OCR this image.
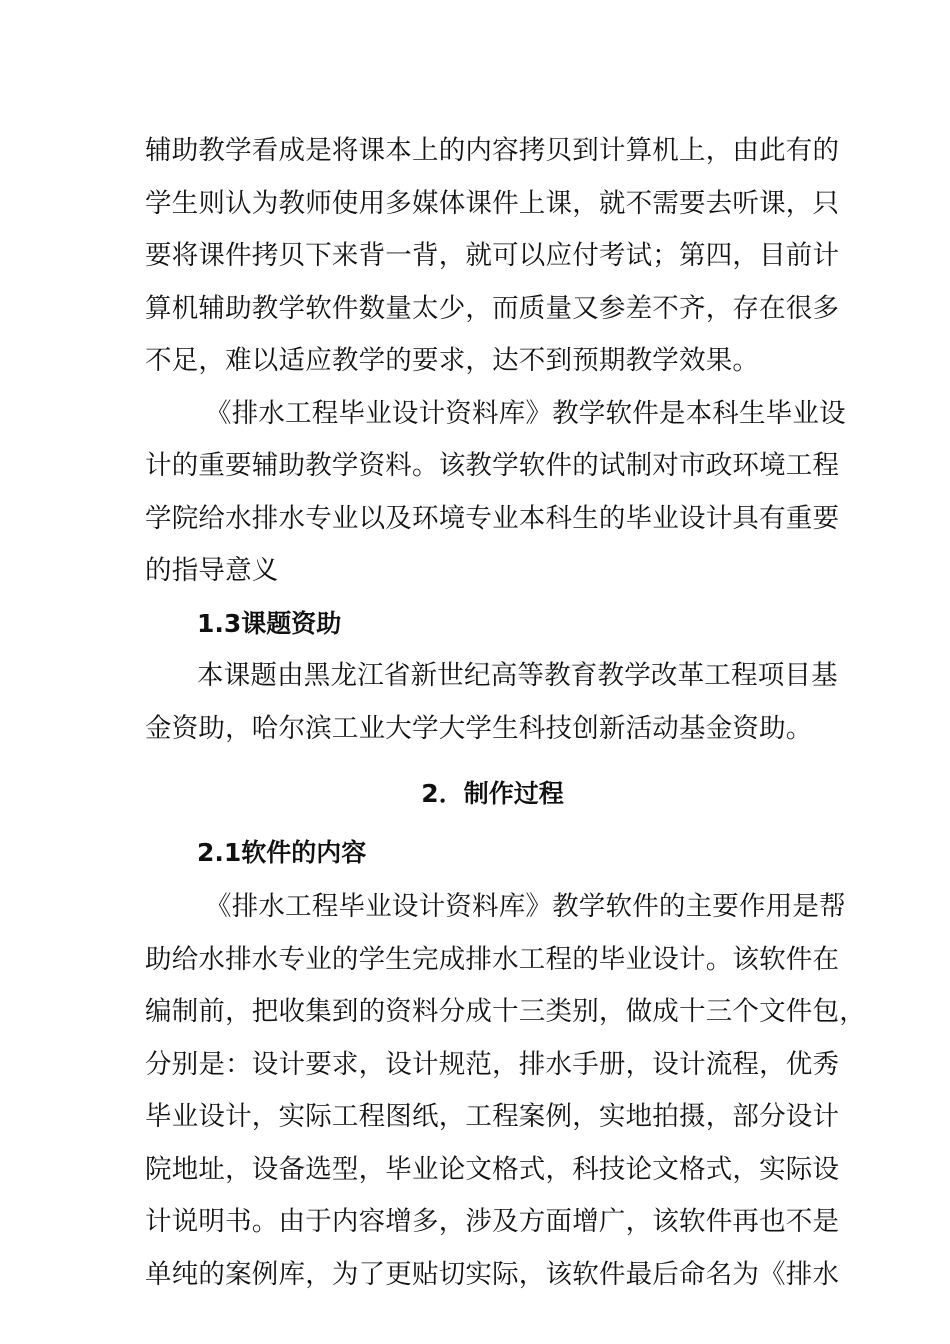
辅助教学看成是将课本上的内容拷贝到计算机上，由此有的
学生则认为教师使用多媒体课件上课，就不需要去听课，只
要将课件拷贝下来背一背，就可以应付考试；第四，目前计
算机辅助教学软件数量太少，而质量又参差不齐，存在很多
不足，难以适应教学的要求，达不到预期教学效果。
《排水工程毕业设计资料库》教学软件是本科生毕业设
计的重要辅助教学资料。该教学软件的试制对市政环境工程
学院给水排水专业以及环境专业本科生的毕业设计具有重要
的指导意义
1.3课题资助
本课题由黑龙江省新世纪高等教育教学改革工程项目基
金资助，哈尔滨工业大学大学生科技创新活动基金资助。
2．制作过程
2.1软件的内容
《排水工程毕业设计资料库》教学软件的主要作用是帮
助给水排水专业的学生完成排水工程的毕业设计。该软件在
编制前，把收集到的资料分成十三类别，做成十三个文件包，
分别是：设计要求，设计规范，排水手册，设计流程，优秀
毕业设计，实际工程图纸，工程案例，实地拍摄，部分设计
院地址，设备选型，毕业论文格式，科技论文格式，实际设
计说明书。由于内容增多，涉及方面增广，该软件再也不是
单纯的案例库，为了更贴切实际，该软件最后命名为《排水
